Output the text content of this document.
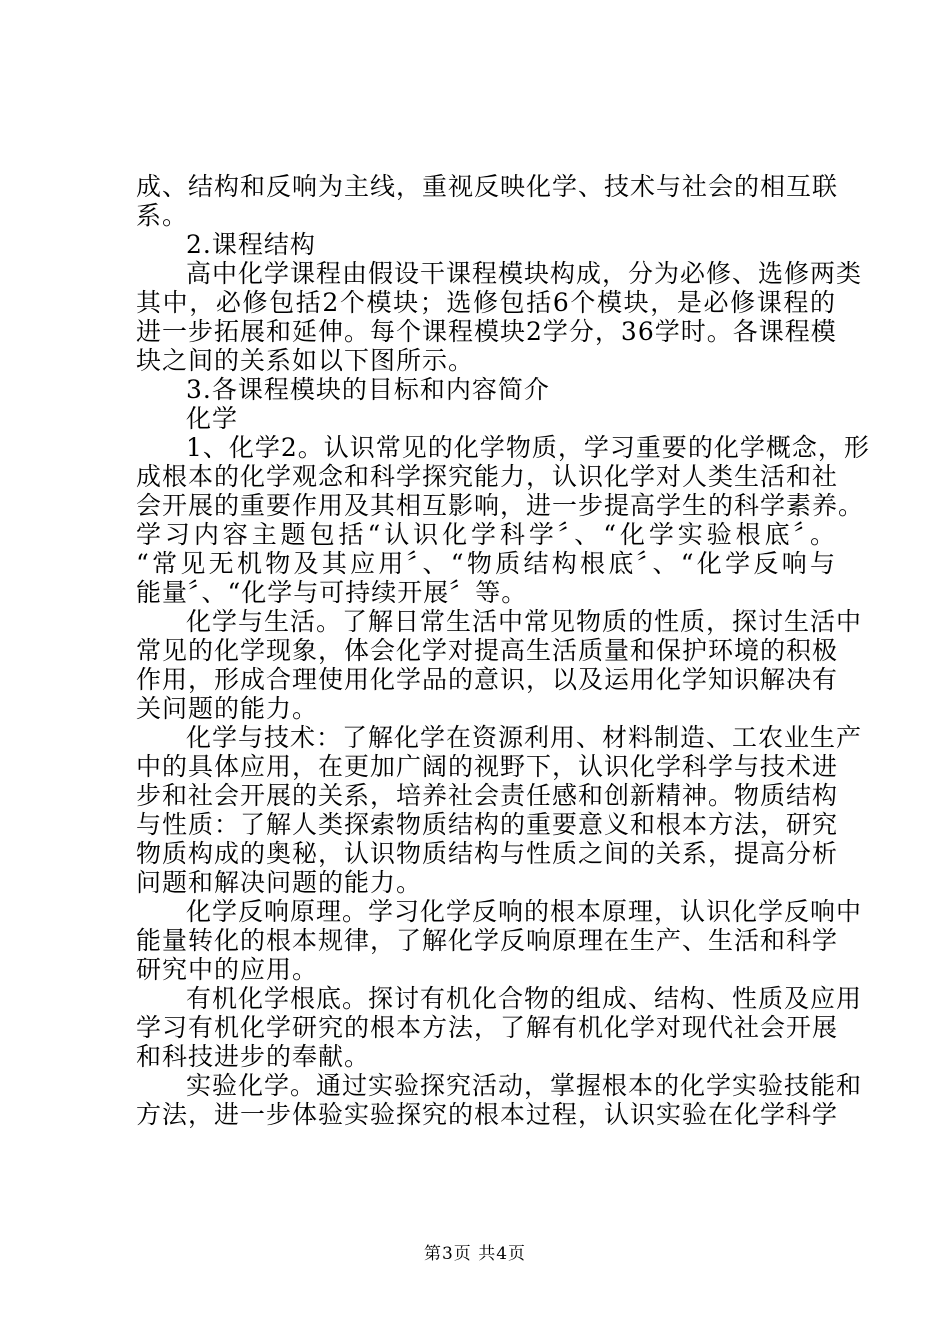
成、结构和反响为主线，重视反映化学、技术与社会的相互联
系。
2.课程结构
高中化学课程由假设干课程模块构成，分为必修、选修两类
其中，必修包括2个模块；选修包括6个模块，是必修课程的
进一步拓展和延伸。每个课程模块2学分，36学时。各课程模
块之间的关系如以下图所示。
3.各课程模块的目标和内容简介
化学
1、化学2。认识常见的化学物质，学习重要的化学概念，形
成根本的化学观念和科学探究能力，认识化学对人类生活和社
会开展的重要作用及其相互影响，进一步提高学生的科学素养。
学习内容主题包括“认识化学科学〞、“化学实验根底〞。
“常见无机物及其应用〞、“物质结构根底〞、“化学反响与
能量〞、“化学与可持续开展〞等。
化学与生活。了解日常生活中常见物质的性质，探讨生活中
常见的化学现象，体会化学对提高生活质量和保护环境的积极
作用，形成合理使用化学品的意识，以及运用化学知识解决有
关问题的能力。
化学与技术：了解化学在资源利用、材料制造、工农业生产
中的具体应用，在更加广阔的视野下，认识化学科学与技术进
步和社会开展的关系，培养社会责任感和创新精神。物质结构
与性质：了解人类探索物质结构的重要意义和根本方法，研究
物质构成的奥秘，认识物质结构与性质之间的关系，提高分析
问题和解决问题的能力。
化学反响原理。学习化学反响的根本原理，认识化学反响中
能量转化的根本规律，了解化学反响原理在生产、生活和科学
研究中的应用。
有机化学根底。探讨有机化合物的组成、结构、性质及应用
学习有机化学研究的根本方法，了解有机化学对现代社会开展
和科技进步的奉献。
实验化学。通过实验探究活动，掌握根本的化学实验技能和
方法，进一步体验实验探究的根本过程，认识实验在化学科学
第3页 共4页
